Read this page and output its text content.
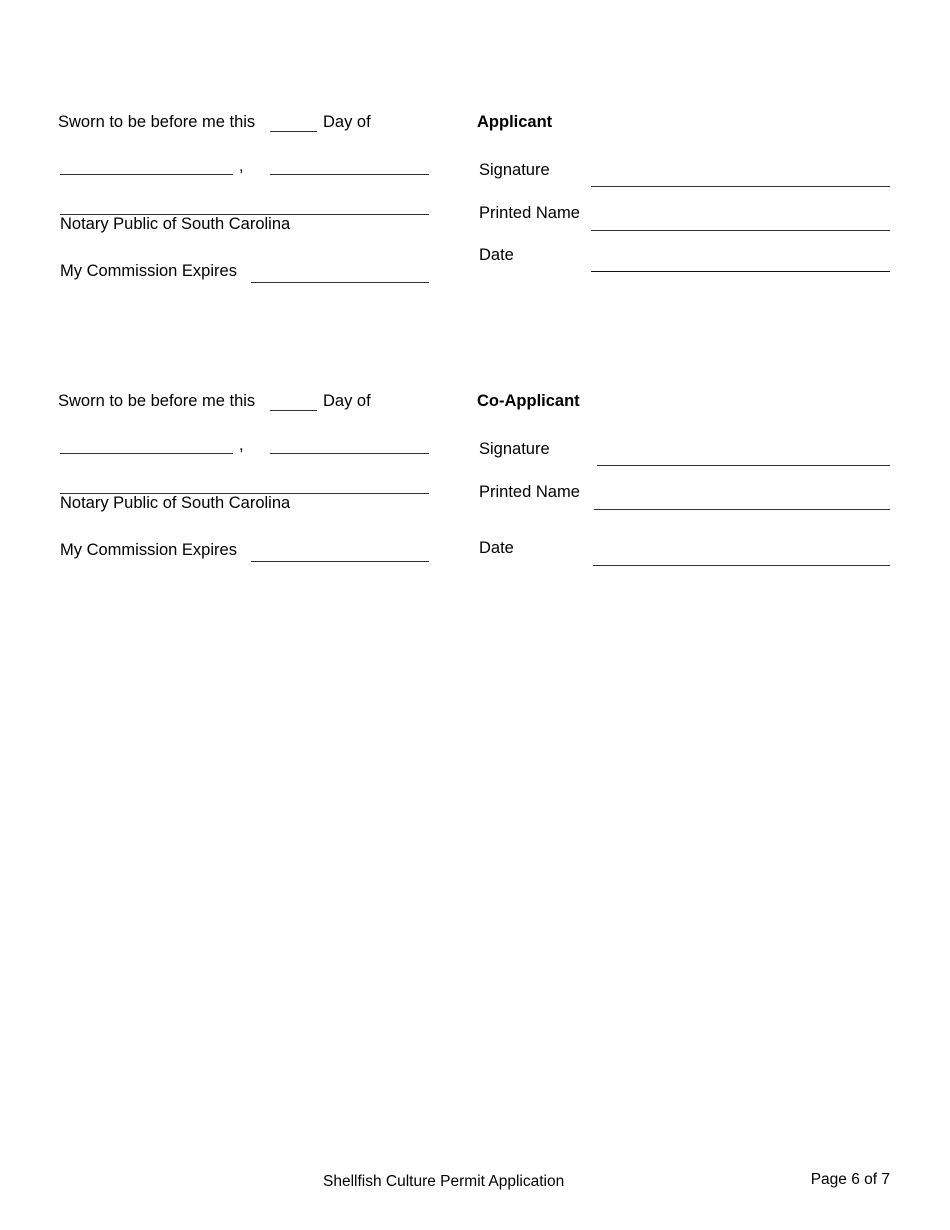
Sworn to be before me this	Day of
,
Notary Public of South Carolina
My Commission Expires
Applicant
Signature
Printed Name
Date
Sworn to be before me this	Day of
,
Notary Public of South Carolina
My Commission Expires
Co-Applicant
Signature
Printed Name
Date
Shellfish Culture Permit Application	Page 6 of 7
